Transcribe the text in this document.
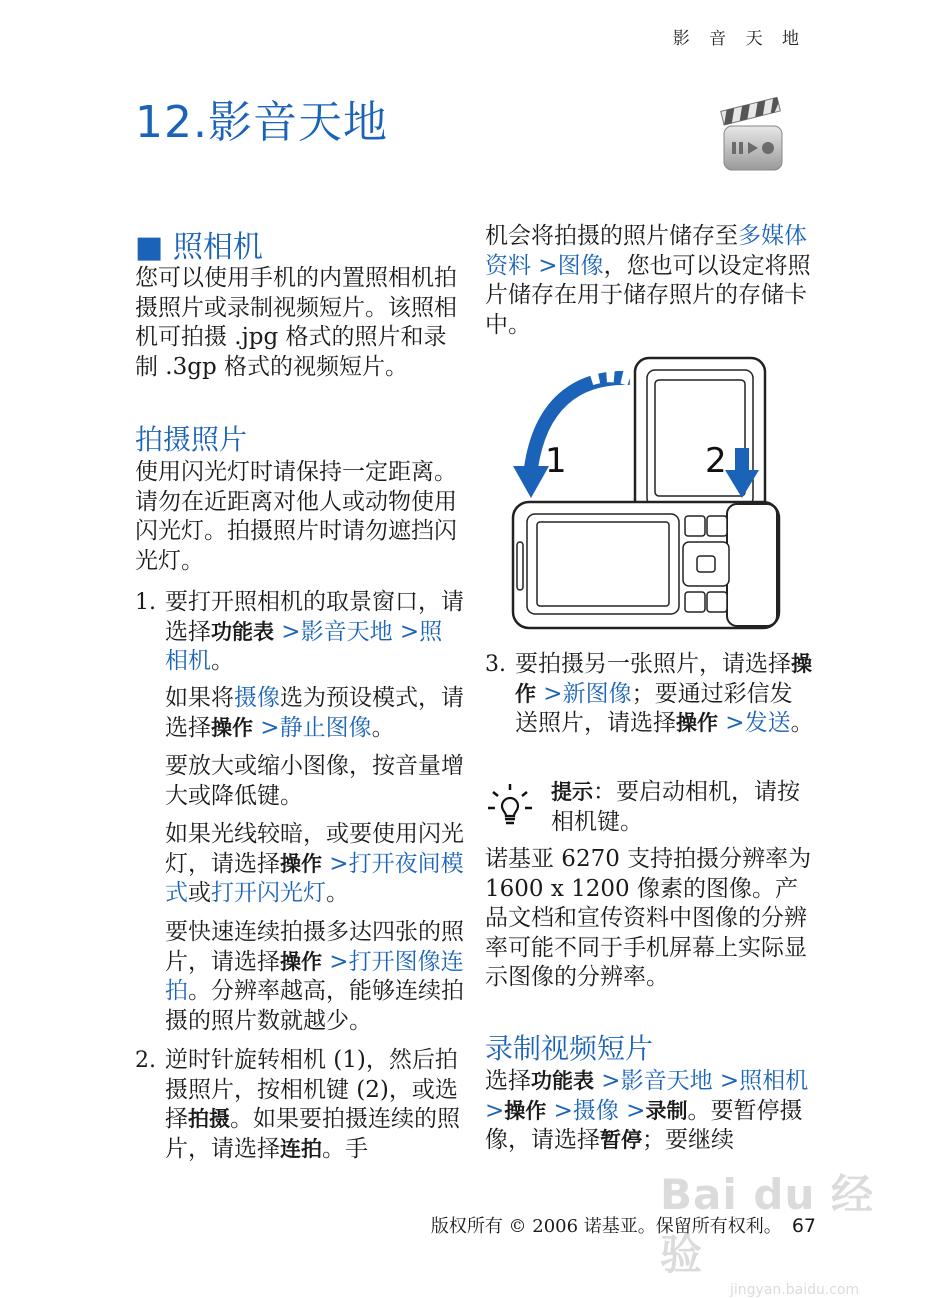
影 音 天 地
12.影音天地
■ 照相机
您可以使用手机的内置照相机拍摄照片或录制视频短片。该照相机可拍摄 .jpg 格式的照片和录制 .3gp 格式的视频短片。
拍摄照片
使用闪光灯时请保持一定距离。请勿在近距离对他人或动物使用闪光灯。拍摄照片时请勿遮挡闪光灯。
1. 要打开照相机的取景窗口，请选择功能表 >影音天地 >照相机。
如果将摄像选为预设模式，请选择操作 >静止图像。
要放大或缩小图像，按音量增大或降低键。
如果光线较暗，或要使用闪光灯，请选择操作 >打开夜间模式或打开闪光灯。
要快速连续拍摄多达四张的照片，请选择操作 >打开图像连拍。分辨率越高，能够连续拍摄的照片数就越少。
2. 逆时针旋转相机 (1)，然后拍摄照片，按相机键 (2)，或选择拍摄。如果要拍摄连续的照片，请选择连拍。手
机会将拍摄的照片储存至多媒体资料 >图像，您也可以设定将照片储存在用于储存照片的存储卡中。
1	2
3. 要拍摄另一张照片，请选择操作 >新图像；要通过彩信发送照片，请选择操作 >发送。
提示：要启动相机，请按相机键。
诺基亚 6270 支持拍摄分辨率为 1600 x 1200 像素的图像。产品文档和宣传资料中图像的分辨率可能不同于手机屏幕上实际显示图像的分辨率。
录制视频短片
选择功能表 >影音天地 >照相机 >操作 >摄像 >录制。要暂停摄像，请选择暂停；要继续
Bai du 经验
jingyan.baidu.com
版权所有 © 2006 诺基亚。保留所有权利。 67
